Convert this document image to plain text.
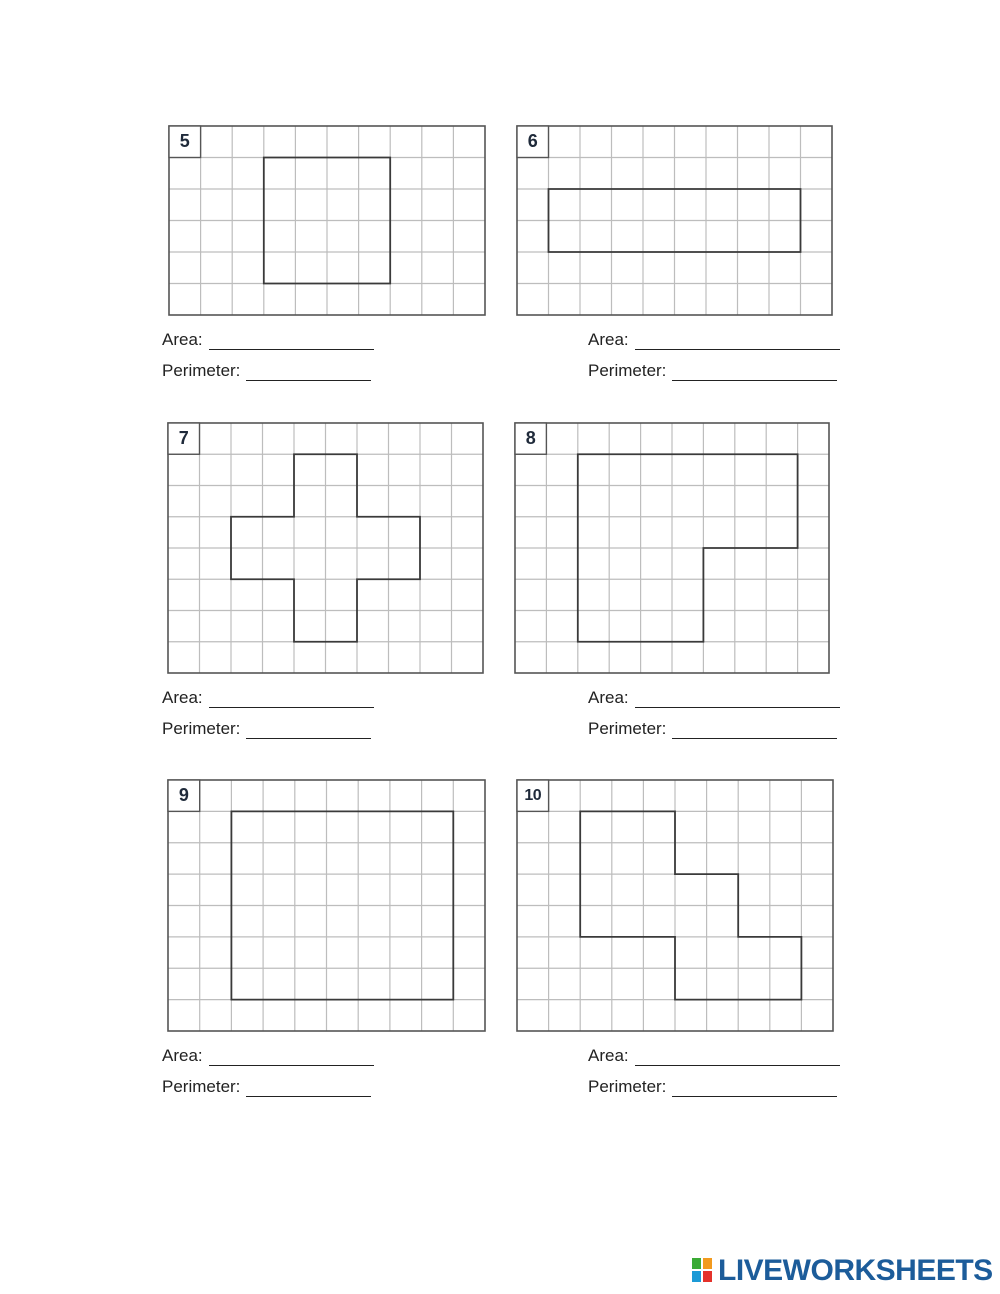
5
Area:
Perimeter:
6
Area:
Perimeter:
7
Area:
Perimeter:
8
Area:
Perimeter:
9
Area:
Perimeter:
10
Area:
Perimeter:
LIVEWORKSHEETS
